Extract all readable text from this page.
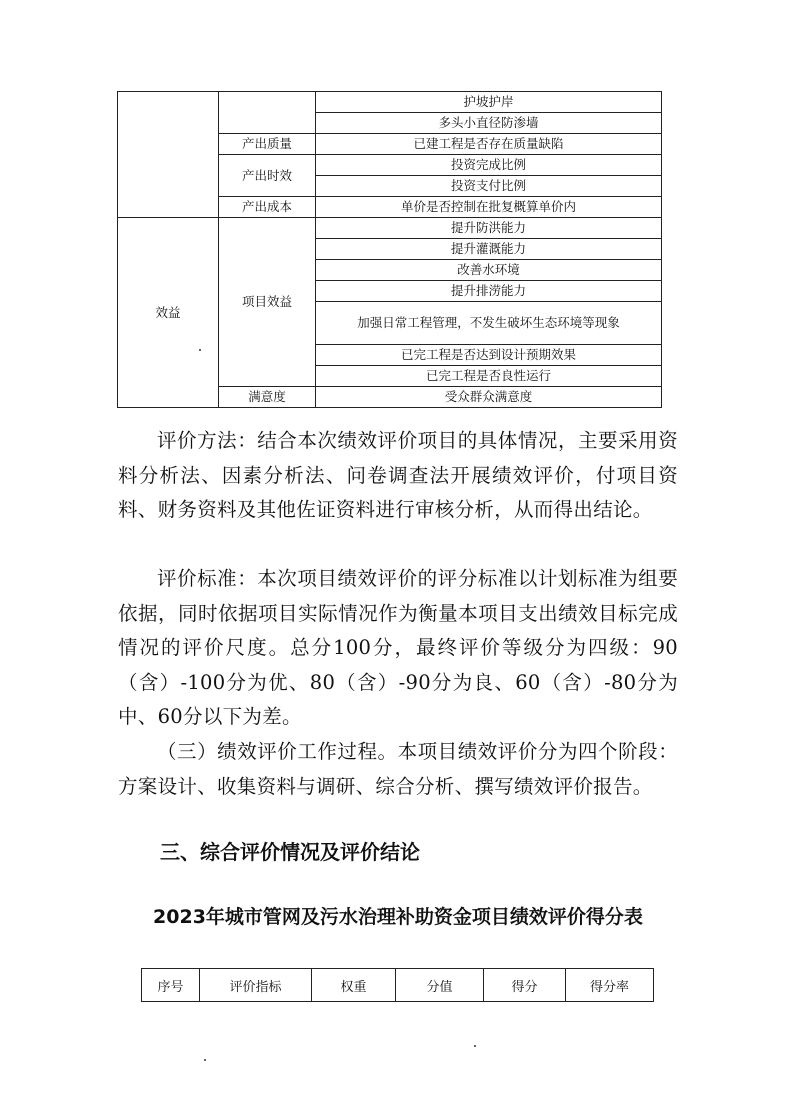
		护坡护岸
		多头小直径防渗墙
	产出质量	已建工程是否存在质量缺陷
	产出时效	投资完成比例
		投资支付比例
	产出成本	单价是否控制在批复概算单价内
效益	项目效益	提升防洪能力
		提升灌溉能力
		改善水环境
		提升排涝能力
		加强日常工程管理，不发生破坏生态环境等现象
		已完工程是否达到设计预期效果
		已完工程是否良性运行
	满意度	受众群众满意度
评价方法：结合本次绩效评价项目的具体情况，主要采用资料分析法、因素分析法、问卷调查法开展绩效评价，付项目资料、财务资料及其他佐证资料进行审核分析，从而得出结论。
评价标准：本次项目绩效评价的评分标准以计划标准为组要依据，同时依据项目实际情况作为衡量本项目支出绩效目标完成情况的评价尺度。总分100分，最终评价等级分为四级：90（含）-100分为优、80（含）-90分为良、60（含）-80分为中、60分以下为差。
（三）绩效评价工作过程。本项目绩效评价分为四个阶段：方案设计、收集资料与调研、综合分析、撰写绩效评价报告。
三、综合评价情况及评价结论
2023年城市管网及污水治理补助资金项目绩效评价得分表
序号	评价指标	权重	分值	得分	得分率
